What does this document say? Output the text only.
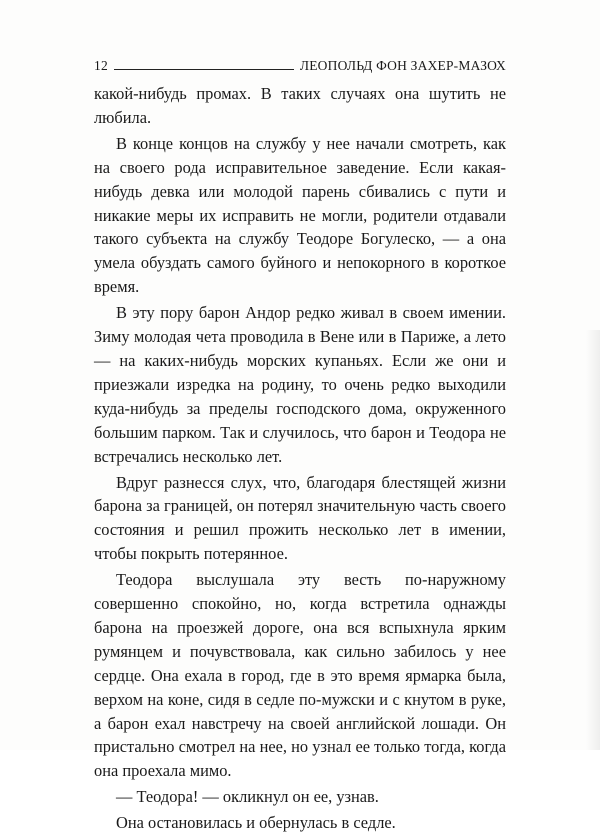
12	ЛЕОПОЛЬД ФОН ЗАХЕР-МАЗОХ

какой-нибудь промах. В таких случаях она шутить не любила.

В конце концов на службу у нее начали смотреть, как на своего рода исправительное заведение. Если какая-нибудь девка или молодой парень сбивались с пути и никакие меры их исправить не могли, родители отдавали такого субъекта на службу Теодоре Богулеско, — а она умела обуздать самого буйного и непокорного в короткое время.

В эту пору барон Андор редко живал в своем имении. Зиму молодая чета проводила в Вене или в Париже, а лето — на каких-нибудь морских купаньях. Если же они и приезжали изредка на родину, то очень редко выходили куда-нибудь за пределы господского дома, окруженного большим парком. Так и случилось, что барон и Теодора не встречались несколько лет.

Вдруг разнесся слух, что, благодаря блестящей жизни барона за границей, он потерял значительную часть своего состояния и решил прожить несколько лет в имении, чтобы покрыть потерянное.

Теодора выслушала эту весть по-наружному совершенно спокойно, но, когда встретила однажды барона на проезжей дороге, она вся вспыхнула ярким румянцем и почувствовала, как сильно забилось у нее сердце. Она ехала в город, где в это время ярмарка была, верхом на коне, сидя в седле по-мужски и с кнутом в руке, а барон ехал навстречу на своей английской лошади. Он пристально смотрел на нее, но узнал ее только тогда, когда она проехала мимо.

— Теодора! — окликнул он ее, узнав.

Она остановилась и обернулась в седле.
